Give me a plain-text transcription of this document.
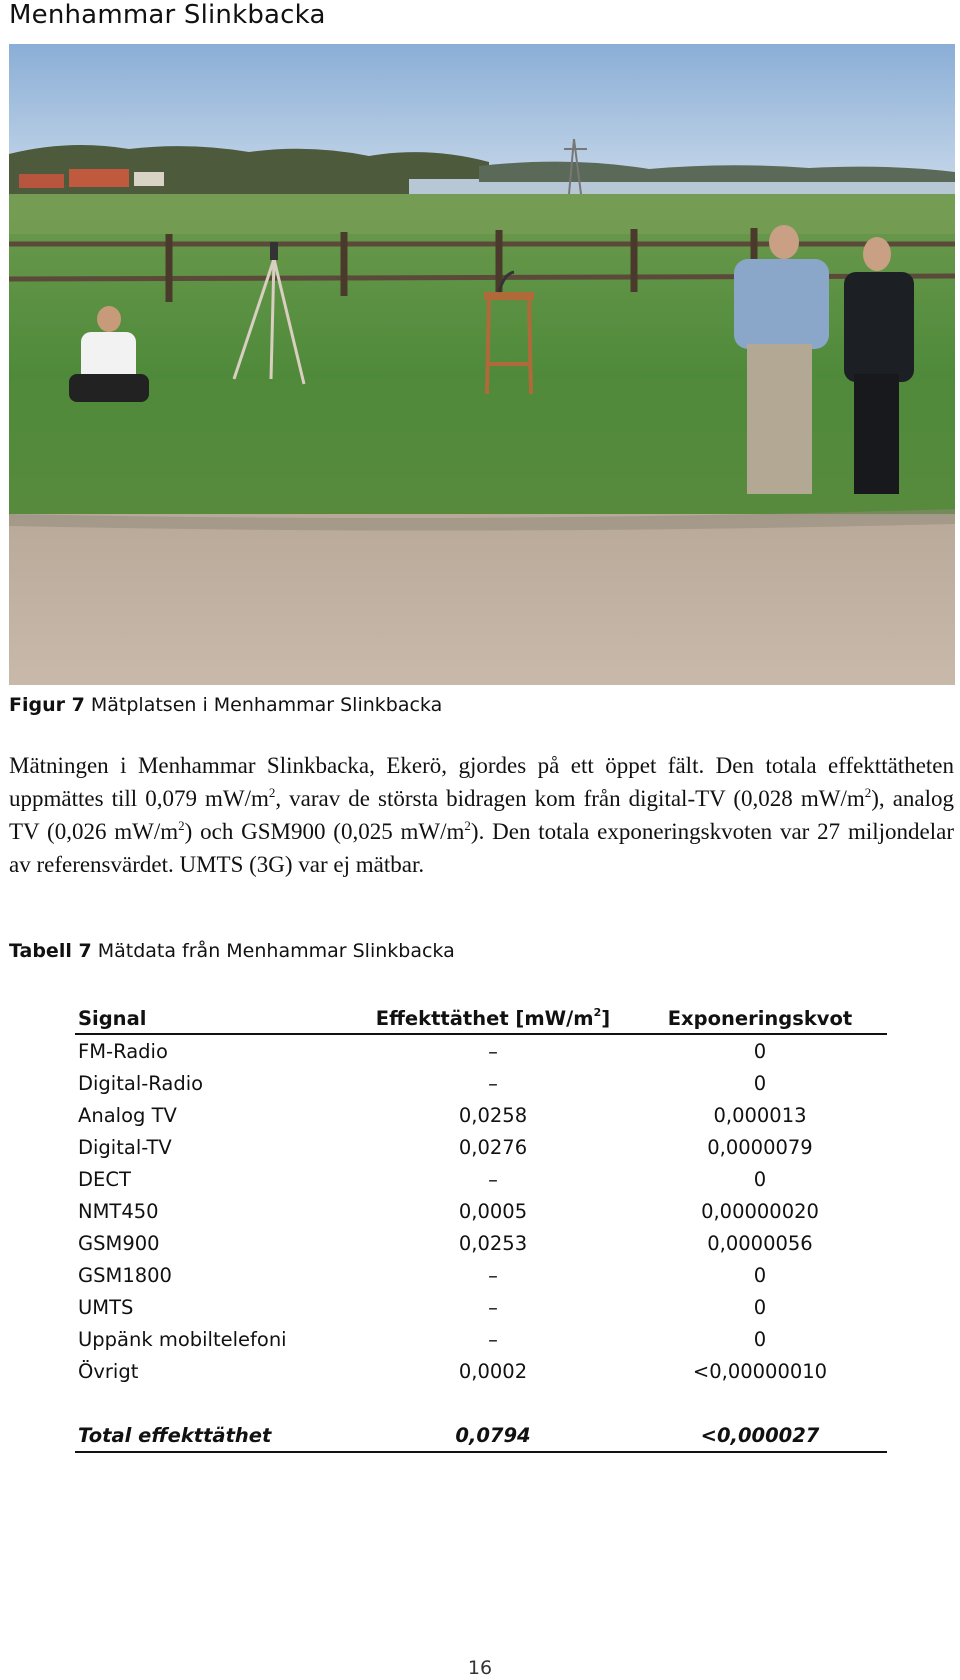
Menhammar Slinkbacka
Figur 7 Mätplatsen i Menhammar Slinkbacka
Mätningen i Menhammar Slinkbacka, Ekerö, gjordes på ett öppet fält. Den totala effekttätheten uppmättes till 0,079 $mW/m^2$, varav de största bidragen kom från digital-TV (0,028 $mW/m^2$), analog TV (0,026 $mW/m^2$) och GSM900 (0,025 $mW/m^2$). Den totala exponeringskvoten var 27 miljondelar av referensvärdet. UMTS (3G) var ej mätbar.
Tabell 7 Mätdata från Menhammar Slinkbacka
Signal	Effekttäthet $[mW/m^2]$	Exponeringskvot
FM-Radio	–	0
Digital-Radio	–	0
Analog TV	0,0258	0,000013
Digital-TV	0,0276	0,0000079
DECT	–	0
NMT450	0,0005	0,00000020
GSM900	0,0253	0,0000056
GSM1800	–	0
UMTS	–	0
Uppänk mobiltelefoni	–	0
Övrigt	0,0002	<0,00000010

Total effekttäthet	0,0794	<0,000027
16
